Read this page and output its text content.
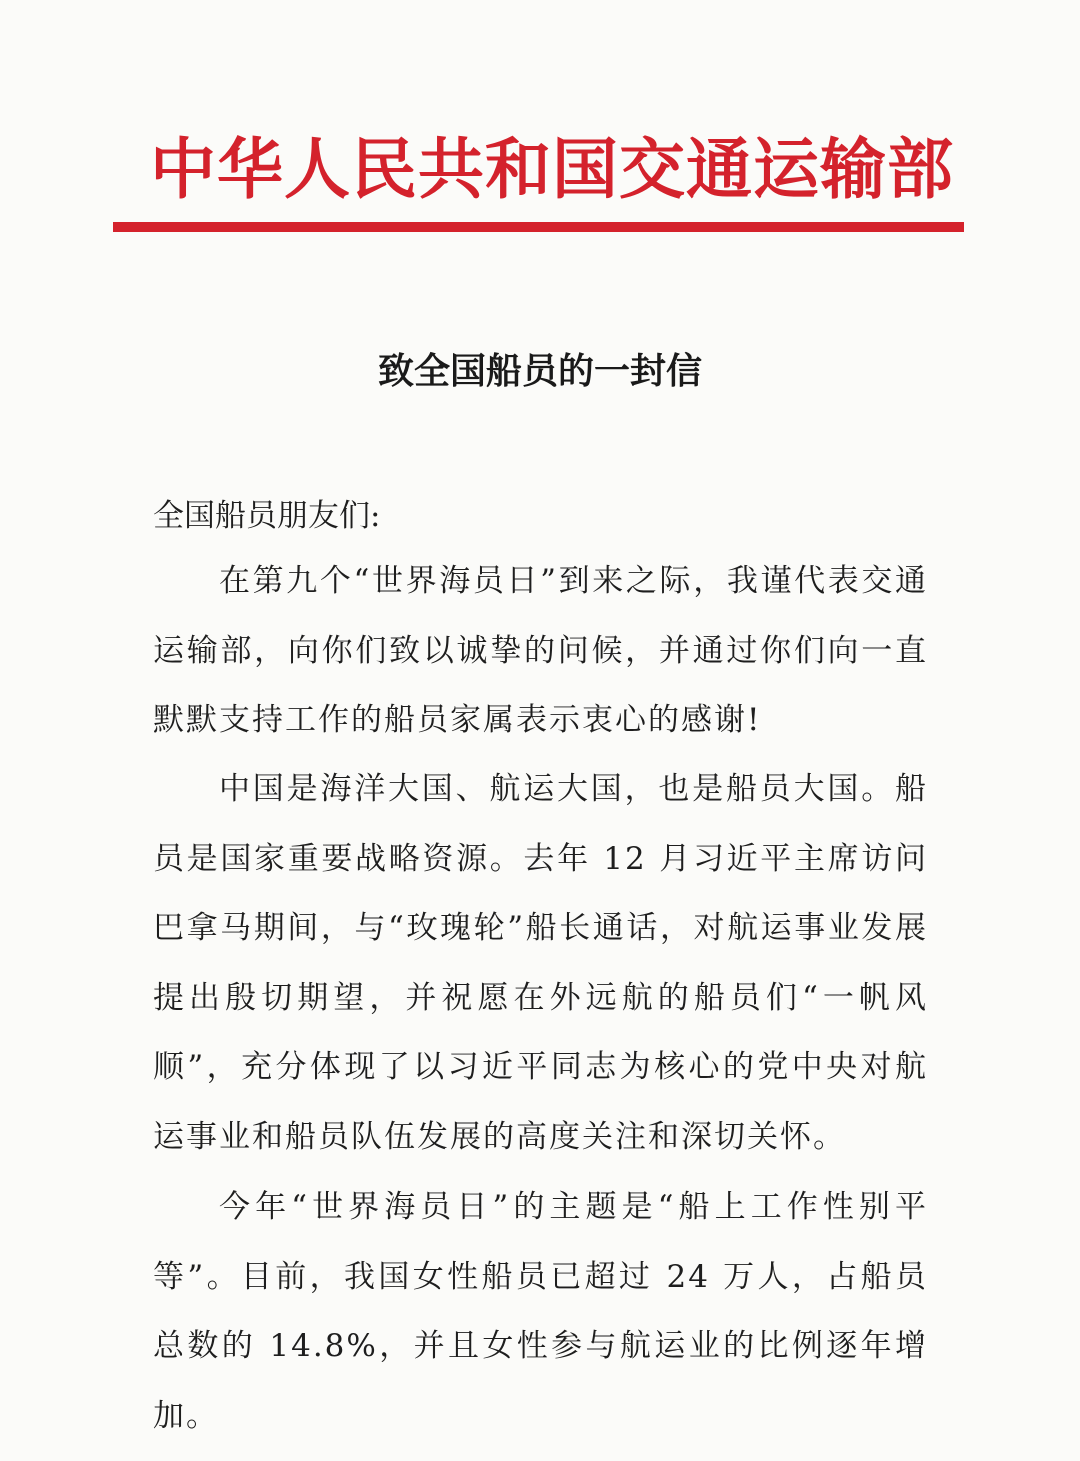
中华人民共和国交通运输部
致全国船员的一封信
全国船员朋友们:

在第九个“世界海员日”到来之际，我谨代表交通运输部，向你们致以诚挚的问候，并通过你们向一直默默支持工作的船员家属表示衷心的感谢!

中国是海洋大国、航运大国，也是船员大国。船员是国家重要战略资源。去年 12 月习近平主席访问巴拿马期间，与“玫瑰轮”船长通话，对航运事业发展提出殷切期望，并祝愿在外远航的船员们“一帆风顺”，充分体现了以习近平同志为核心的党中央对航运事业和船员队伍发展的高度关注和深切关怀。

今年“世界海员日”的主题是“船上工作性别平等”。目前，我国女性船员已超过 24 万人，占船员总数的 14.8%，并且女性参与航运业的比例逐年增加。
